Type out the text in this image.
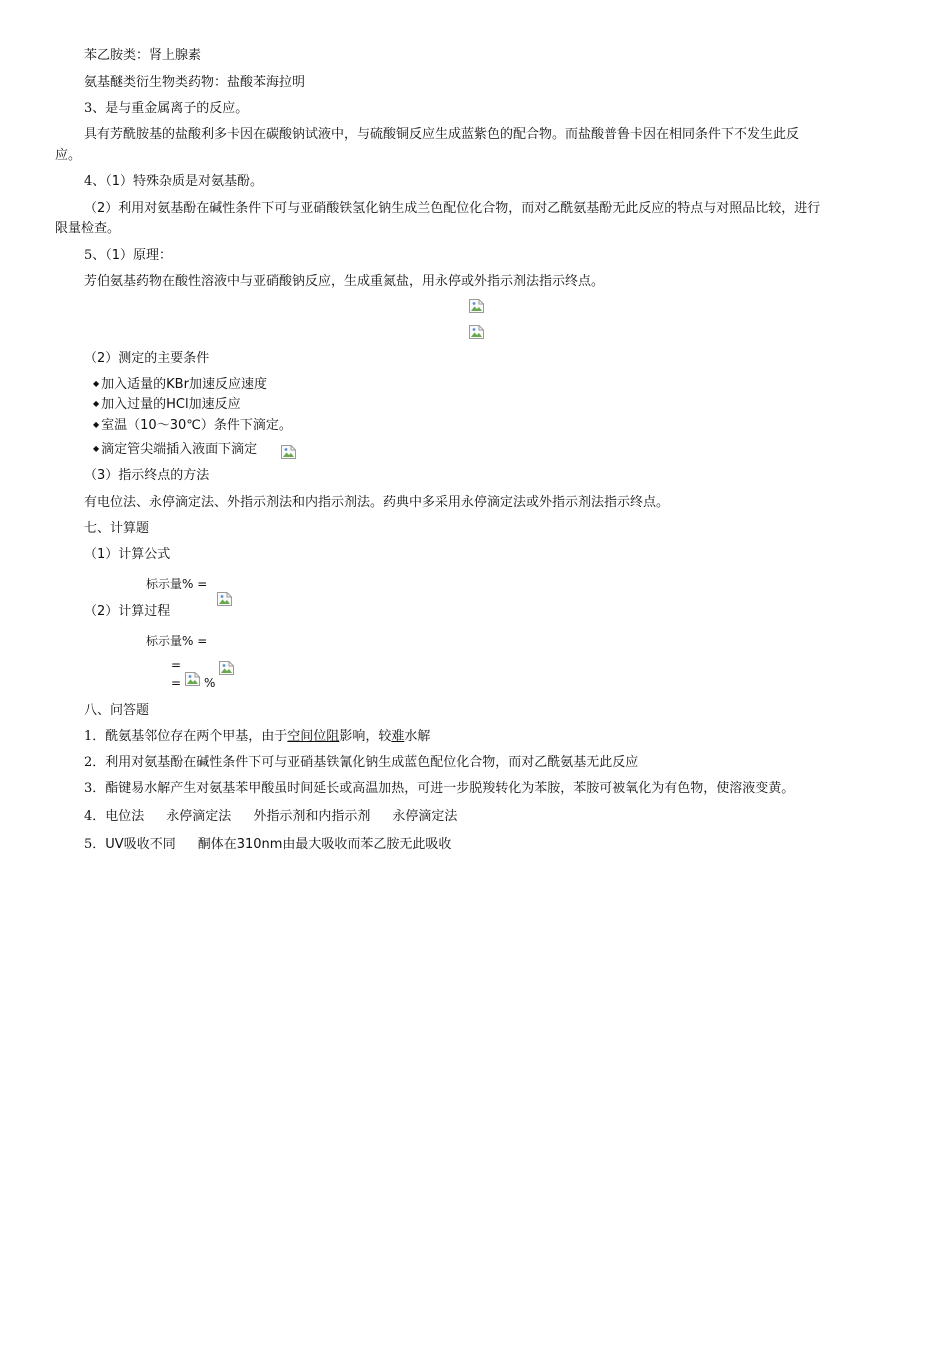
苯乙胺类：肾上腺素
氨基醚类衍生物类药物：盐酸苯海拉明
3、是与重金属离子的反应。
具有芳酰胺基的盐酸利多卡因在碳酸钠试液中，与硫酸铜反应生成蓝紫色的配合物。而盐酸普鲁卡因在相同条件下不发生此反
应。
4、（1）特殊杂质是对氨基酚。
（2）利用对氨基酚在碱性条件下可与亚硝酸铁氢化钠生成兰色配位化合物，而对乙酰氨基酚无此反应的特点与对照品比较，进行
限量检查。
5、（1）原理：
芳伯氨基药物在酸性溶液中与亚硝酸钠反应，生成重氮盐，用永停或外指示剂法指示终点。
（2）测定的主要条件
◆ 加入适量的KBr加速反应速度
◆ 加入过量的HCl加速反应
◆ 室温（10～30℃）条件下滴定。
◆ 滴定管尖端插入液面下滴定
（3）指示终点的方法
有电位法、永停滴定法、外指示剂法和内指示剂法。药典中多采用永停滴定法或外指示剂法指示终点。
七、计算题
（1）计算公式
标示量% =
（2）计算过程
标示量% =
=
= %
八、问答题
1．酰氨基邻位存在两个甲基，由于空间位阻影响，较难水解
2．利用对氨基酚在碱性条件下可与亚硝基铁氰化钠生成蓝色配位化合物，而对乙酰氨基无此反应
3．酯键易水解产生对氨基苯甲酸虽时间延长或高温加热，可进一步脱羧转化为苯胺，苯胺可被氧化为有色物，使溶液变黄。
4．电位法 永停滴定法 外指示剂和内指示剂 永停滴定法
5．UV吸收不同 酮体在310nm由最大吸收而苯乙胺无此吸收
